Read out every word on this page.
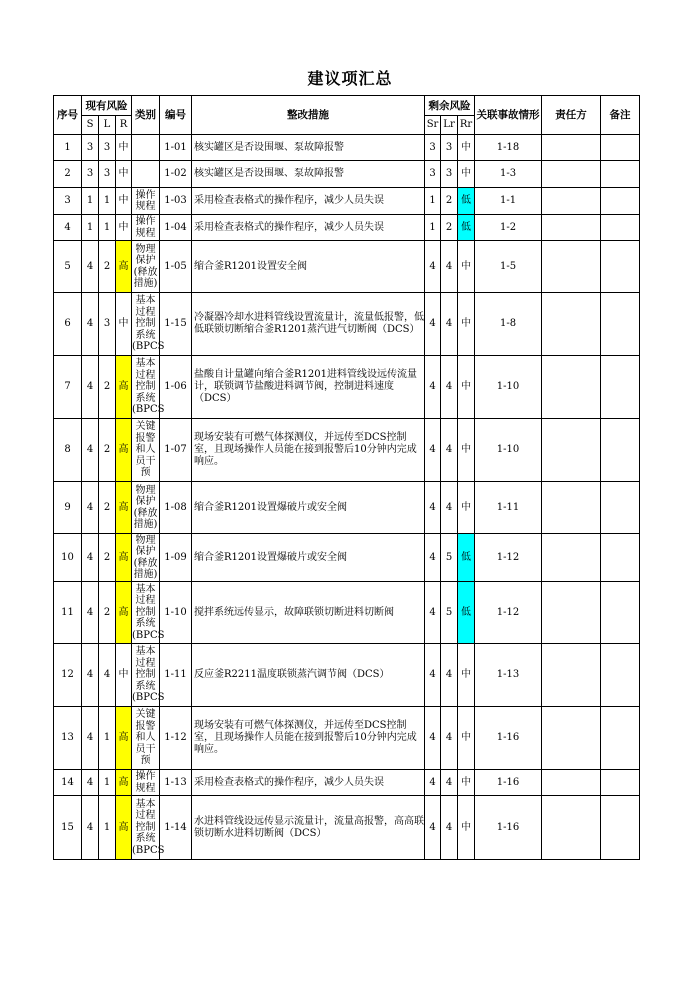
建议项汇总
序号	现有风险			类别	编号	整改措施	剩余风险			关联事故情形	责任方	备注
	S	L	R				Sr	Lr	Rr			
1	3	3	中		1-01	核实罐区是否设围堰、泵故障报警	3	3	中	1-18		
2	3	3	中		1-02	核实罐区是否设围堰、泵故障报警	3	3	中	1-3		
3	1	1	中	操作规程	1-03	采用检查表格式的操作程序，减少人员失误	1	2	低	1-1		
4	1	1	中	操作规程	1-04	采用检查表格式的操作程序，减少人员失误	1	2	低	1-2		
5	4	2	高	物理保护(释放措施)	1-05	缩合釜R1201设置安全阀	4	4	中	1-5		
6	4	3	中	基本过程控制系统(BPCS	1-15	冷凝器冷却水进料管线设置流量计，流量低报警，低低联锁切断缩合釜R1201蒸汽进气切断阀（DCS）	4	4	中	1-8		
7	4	2	高	基本过程控制系统(BPCS	1-06	盐酸自计量罐向缩合釜R1201进料管线设远传流量计，联锁调节盐酸进料调节阀，控制进料速度（DCS）	4	4	中	1-10		
8	4	2	高	关键报警和人员干预	1-07	现场安装有可燃气体探测仪，并远传至DCS控制室，且现场操作人员能在接到报警后10分钟内完成响应。	4	4	中	1-10		
9	4	2	高	物理保护(释放措施)	1-08	缩合釜R1201设置爆破片或安全阀	4	4	中	1-11		
10	4	2	高	物理保护(释放措施)	1-09	缩合釜R1201设置爆破片或安全阀	4	5	低	1-12		
11	4	2	高	基本过程控制系统(BPCS	1-10	搅拌系统远传显示，故障联锁切断进料切断阀	4	5	低	1-12		
12	4	4	中	基本过程控制系统(BPCS	1-11	反应釜R2211温度联锁蒸汽调节阀（DCS）	4	4	中	1-13		
13	4	1	高	关键报警和人员干预	1-12	现场安装有可燃气体探测仪，并远传至DCS控制室，且现场操作人员能在接到报警后10分钟内完成响应。	4	4	中	1-16		
14	4	1	高	操作规程	1-13	采用检查表格式的操作程序，减少人员失误	4	4	中	1-16		
15	4	1	高	基本过程控制系统(BPCS	1-14	水进料管线设远传显示流量计，流量高报警，高高联锁切断水进料切断阀（DCS）	4	4	中	1-16		
